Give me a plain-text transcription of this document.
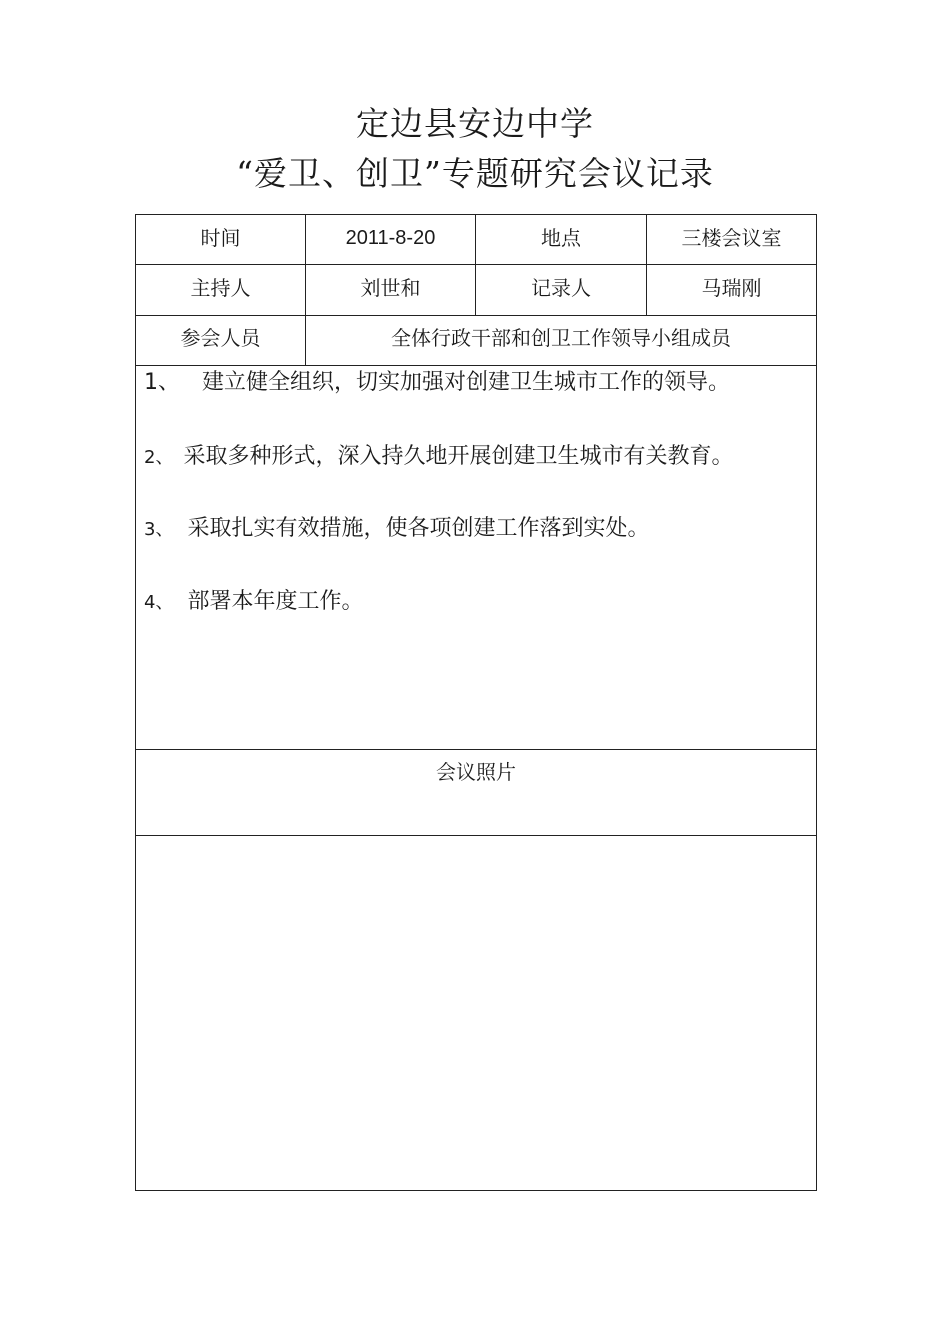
定边县安边中学
“爱卫、创卫”专题研究会议记录
时间	2011-8-20	地点	三楼会议室
主持人	刘世和	记录人	马瑞刚
参会人员	全体行政干部和创卫工作领导小组成员
1、 建立健全组织，切实加强对创建卫生城市工作的领导。
2、 采取多种形式，深入持久地开展创建卫生城市有关教育。
3、 采取扎实有效措施，使各项创建工作落到实处。
4、 部署本年度工作。
会议照片
